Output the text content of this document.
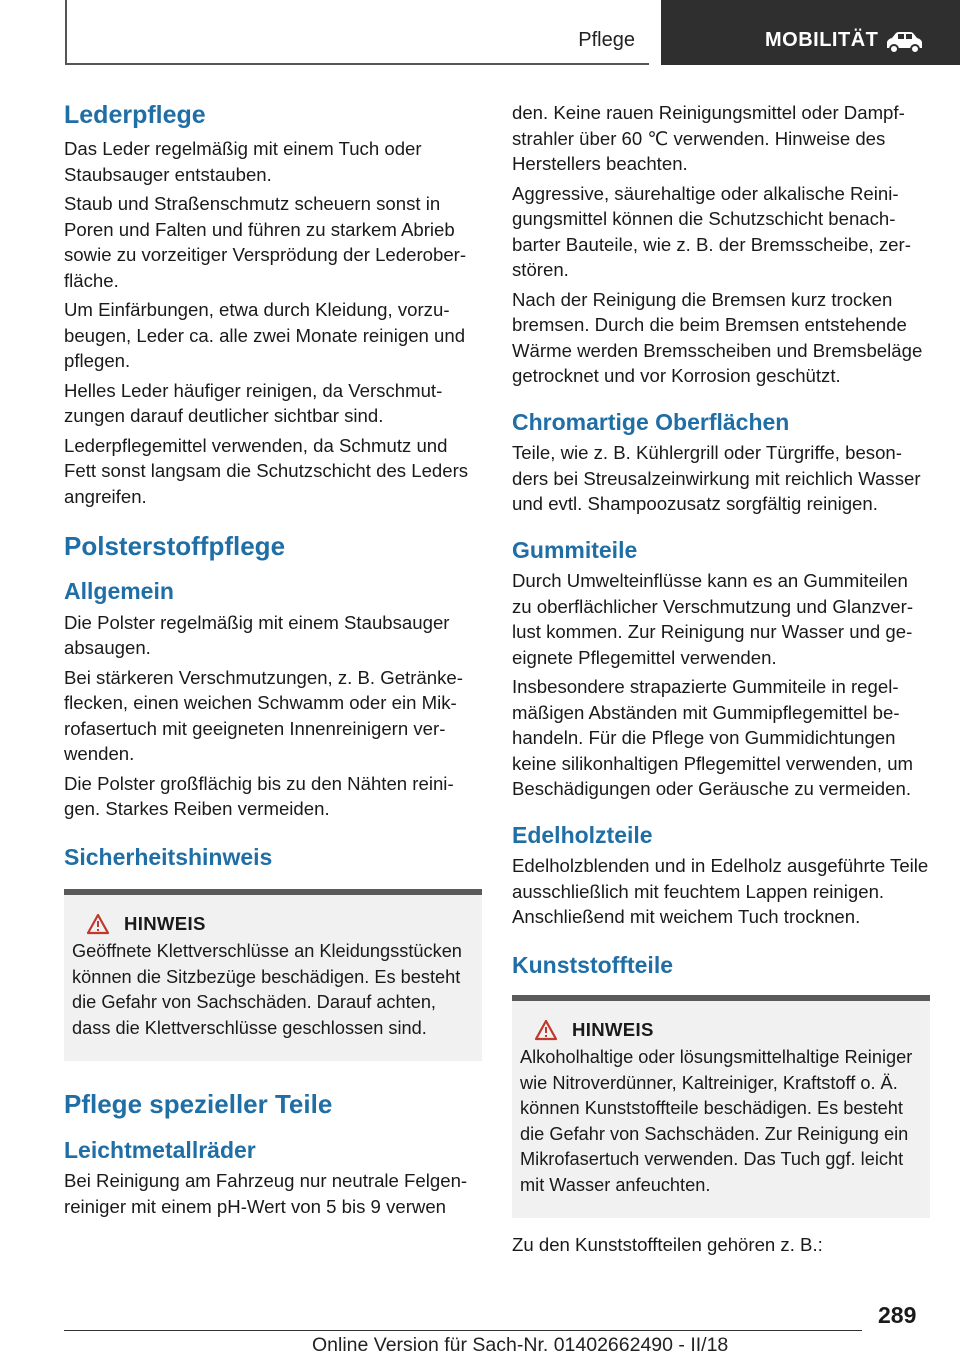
Pflege	MOBILITÄT
Lederpflege

Das Leder regelmäßig mit einem Tuch oder Staubsauger entstauben.

Staub und Straßenschmutz scheuern sonst in Poren und Falten und führen zu starkem Abrieb sowie zu vorzeitiger Versprödung der Lederoberfläche.

Um Einfärbungen, etwa durch Kleidung, vorzubeugen, Leder ca. alle zwei Monate reinigen und pflegen.

Helles Leder häufiger reinigen, da Verschmutzungen darauf deutlicher sichtbar sind.

Lederpflegemittel verwenden, da Schmutz und Fett sonst langsam die Schutzschicht des Leders angreifen.

Polsterstoffpflege
Allgemein

Die Polster regelmäßig mit einem Staubsauger absaugen.

Bei stärkeren Verschmutzungen, z. B. Getränkeflecken, einen weichen Schwamm oder ein Mikrofasertuch mit geeigneten Innenreinigern verwenden.

Die Polster großflächig bis zu den Nähten reinigen. Starkes Reiben vermeiden.

Sicherheitshinweis
HINWEIS

Geöffnete Klettverschlüsse an Kleidungsstücken können die Sitzbezüge beschädigen. Es besteht die Gefahr von Sachschäden. Darauf achten, dass die Klettverschlüsse geschlossen sind.

Pflege spezieller Teile
Leichtmetallräder

Bei Reinigung am Fahrzeug nur neutrale Felgenreiniger mit einem pH-Wert von 5 bis 9 verwen

den. Keine rauen Reinigungsmittel oder Dampfstrahler über 60 ℃ verwenden. Hinweise des Herstellers beachten.

Aggressive, säurehaltige oder alkalische Reinigungsmittel können die Schutzschicht benachbarter Bauteile, wie z. B. der Bremsscheibe, zerstören.

Nach der Reinigung die Bremsen kurz trocken bremsen. Durch die beim Bremsen entstehende Wärme werden Bremsscheiben und Bremsbeläge getrocknet und vor Korrosion geschützt.

Chromartige Oberflächen

Teile, wie z. B. Kühlergrill oder Türgriffe, besonders bei Streusalzeinwirkung mit reichlich Wasser und evtl. Shampoozusatz sorgfältig reinigen.

Gummiteile

Durch Umwelteinflüsse kann es an Gummiteilen zu oberflächlicher Verschmutzung und Glanzverlust kommen. Zur Reinigung nur Wasser und geeignete Pflegemittel verwenden.

Insbesondere strapazierte Gummiteile in regelmäßigen Abständen mit Gummipflegemittel behandeln. Für die Pflege von Gummidichtungen keine silikonhaltigen Pflegemittel verwenden, um Beschädigungen oder Geräusche zu vermeiden.

Edelholzteile

Edelholzblenden und in Edelholz ausgeführte Teile ausschließlich mit feuchtem Lappen reinigen. Anschließend mit weichem Tuch trocknen.

Kunststoffteile
HINWEIS

Alkoholhaltige oder lösungsmittelhaltige Reiniger wie Nitroverdünner, Kaltreiniger, Kraftstoff o. Ä. können Kunststoffteile beschädigen. Es besteht die Gefahr von Sachschäden. Zur Reinigung ein Mikrofasertuch verwenden. Das Tuch ggf. leicht mit Wasser anfeuchten.

Zu den Kunststoffteilen gehören z. B.:

289
Online Version für Sach-Nr. 01402662490 - II/18
